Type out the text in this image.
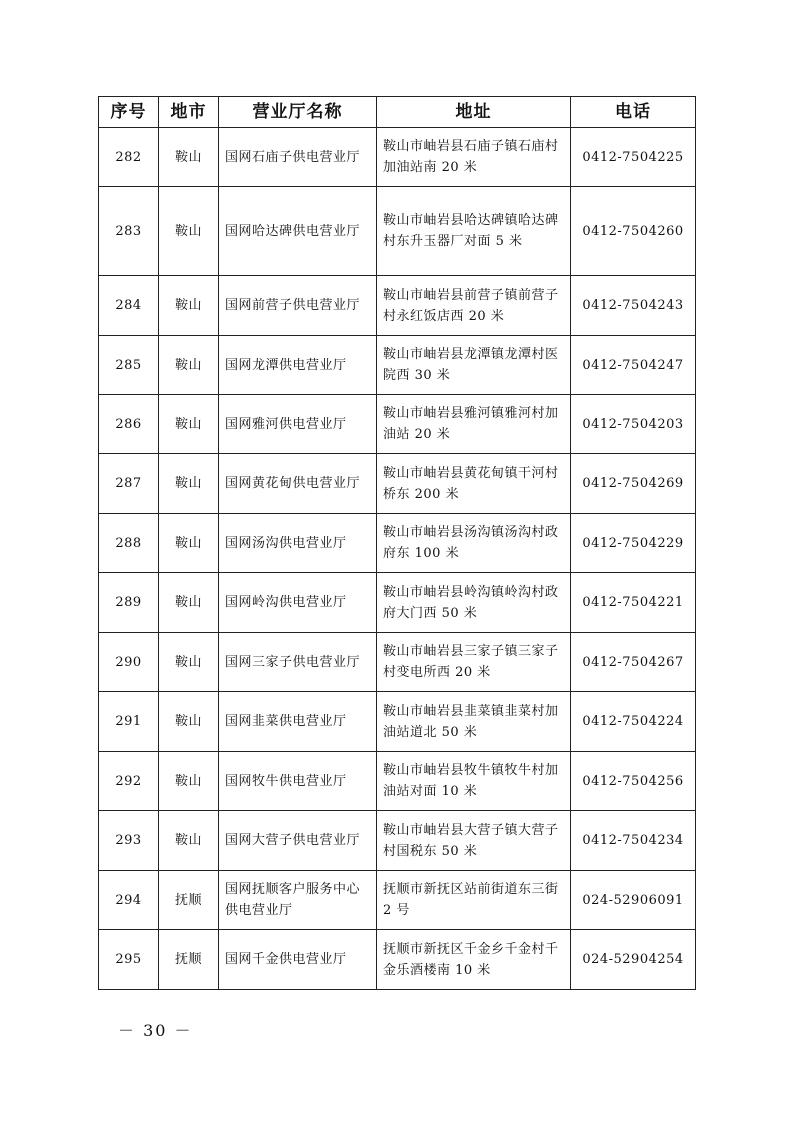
序号	地市	营业厅名称	地址	电话
282	鞍山	国网石庙子供电营业厅	鞍山市岫岩县石庙子镇石庙村加油站南 20 米	0412-7504225
283	鞍山	国网哈达碑供电营业厅	鞍山市岫岩县哈达碑镇哈达碑村东升玉器厂对面 5 米	0412-7504260
284	鞍山	国网前营子供电营业厅	鞍山市岫岩县前营子镇前营子村永红饭店西 20 米	0412-7504243
285	鞍山	国网龙潭供电营业厅	鞍山市岫岩县龙潭镇龙潭村医院西 30 米	0412-7504247
286	鞍山	国网雅河供电营业厅	鞍山市岫岩县雅河镇雅河村加油站 20 米	0412-7504203
287	鞍山	国网黄花甸供电营业厅	鞍山市岫岩县黄花甸镇干河村桥东 200 米	0412-7504269
288	鞍山	国网汤沟供电营业厅	鞍山市岫岩县汤沟镇汤沟村政府东 100 米	0412-7504229
289	鞍山	国网岭沟供电营业厅	鞍山市岫岩县岭沟镇岭沟村政府大门西 50 米	0412-7504221
290	鞍山	国网三家子供电营业厅	鞍山市岫岩县三家子镇三家子村变电所西 20 米	0412-7504267
291	鞍山	国网韭菜供电营业厅	鞍山市岫岩县韭菜镇韭菜村加油站道北 50 米	0412-7504224
292	鞍山	国网牧牛供电营业厅	鞍山市岫岩县牧牛镇牧牛村加油站对面 10 米	0412-7504256
293	鞍山	国网大营子供电营业厅	鞍山市岫岩县大营子镇大营子村国税东 50 米	0412-7504234
294	抚顺	国网抚顺客户服务中心供电营业厅	抚顺市新抚区站前街道东三街 2 号	024-52906091
295	抚顺	国网千金供电营业厅	抚顺市新抚区千金乡千金村千金乐酒楼南 10 米	024-52904254
－ 30 －
